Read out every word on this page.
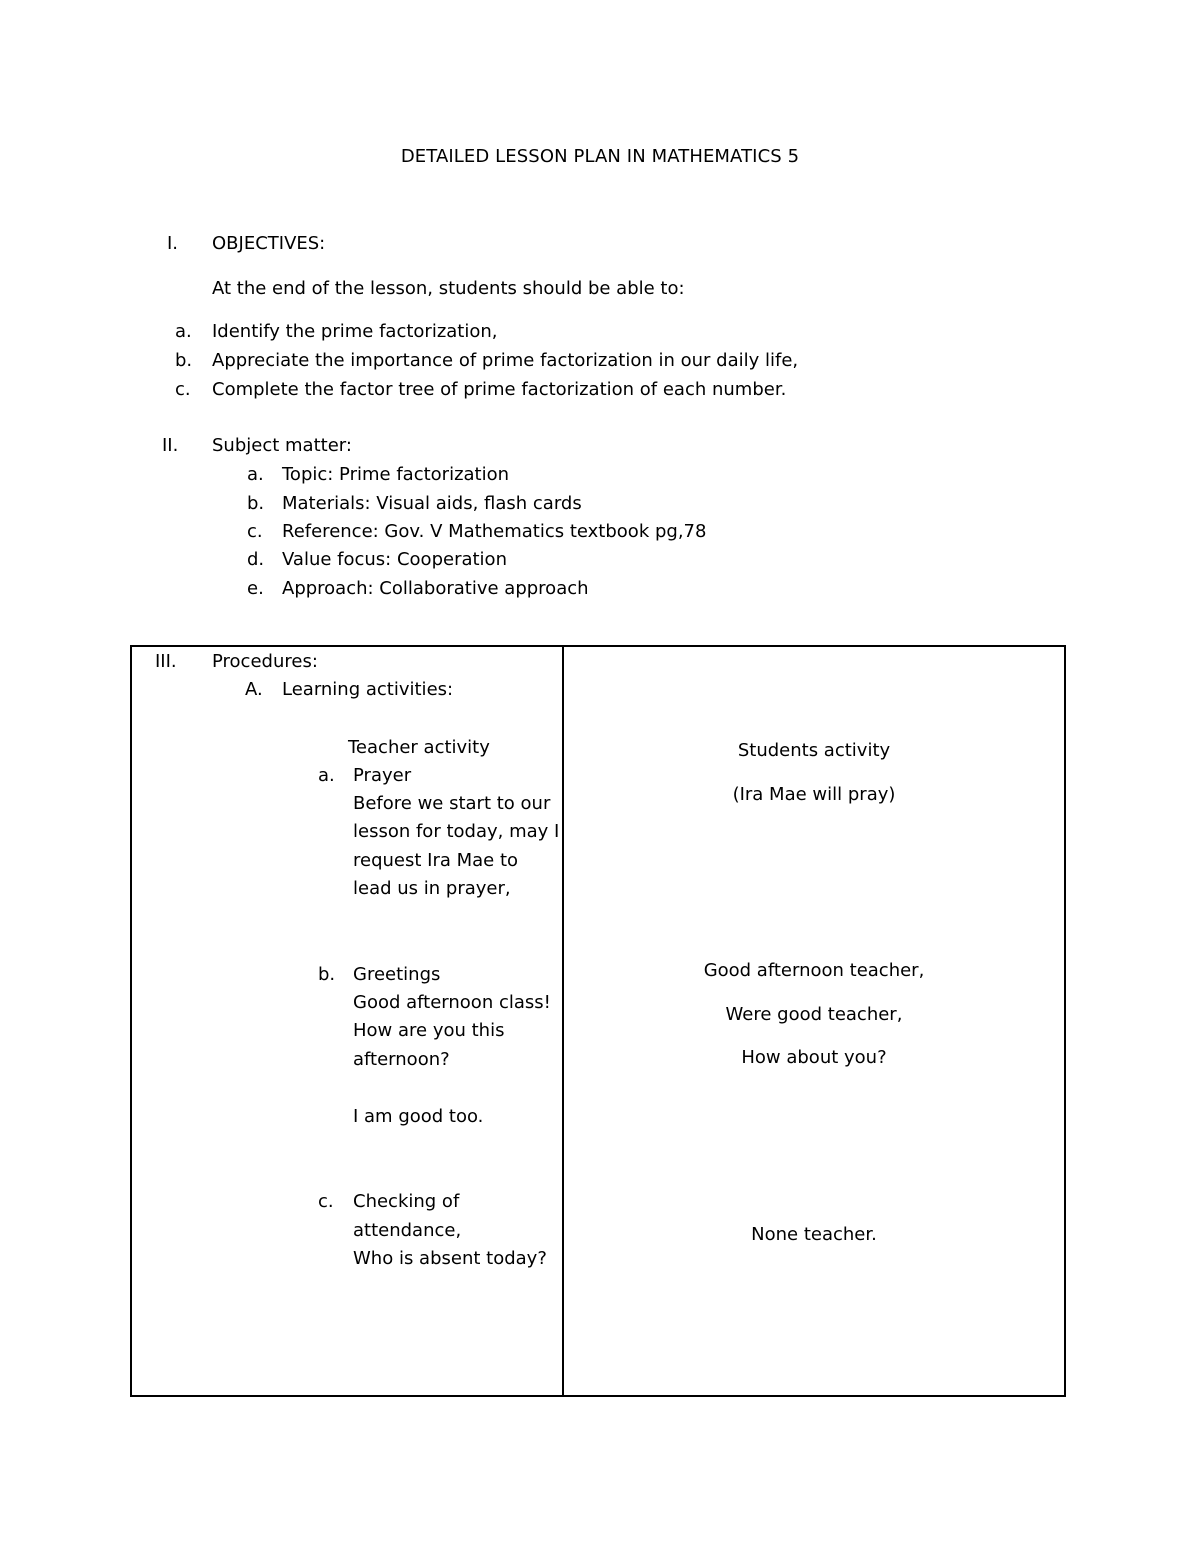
DETAILED LESSON PLAN IN MATHEMATICS 5
I. OBJECTIVES:
At the end of the lesson, students should be able to:
a. Identify the prime factorization,
b. Appreciate the importance of prime factorization in our daily life,
c. Complete the factor tree of prime factorization of each number.
II. Subject matter:
a. Topic: Prime factorization
b. Materials: Visual aids, flash cards
c. Reference: Gov. V Mathematics textbook pg,78
d. Value focus: Cooperation
e. Approach: Collaborative approach
III. Procedures:
A. Learning activities:
Teacher activity	Students activity
a. Prayer
Before we start to our
lesson for today, may I
request Ira Mae to
lead us in prayer,
(Ira Mae will pray)
b. Greetings
Good afternoon class!
How are you this
afternoon?
I am good too.
Good afternoon teacher,
Were good teacher,
How about you?
c. Checking of
attendance,
Who is absent today?
None teacher.
